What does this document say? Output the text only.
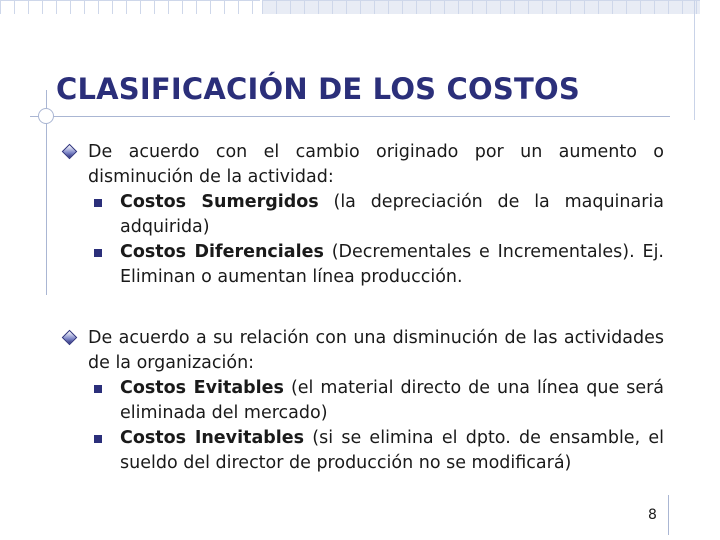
CLASIFICACIÓN DE LOS COSTOS

De acuerdo con el cambio originado por un aumento o disminución de la actividad:

Costos Sumergidos (la depreciación de la maquinaria adquirida)

Costos Diferenciales (Decrementales e Incrementales). Ej. Eliminan o aumentan línea producción.

De acuerdo a su relación con una disminución de las actividades de la organización:

Costos Evitables (el material directo de una línea que será eliminada del mercado)

Costos Inevitables (si se elimina el dpto. de ensamble, el sueldo del director de producción no se modificará)

8
